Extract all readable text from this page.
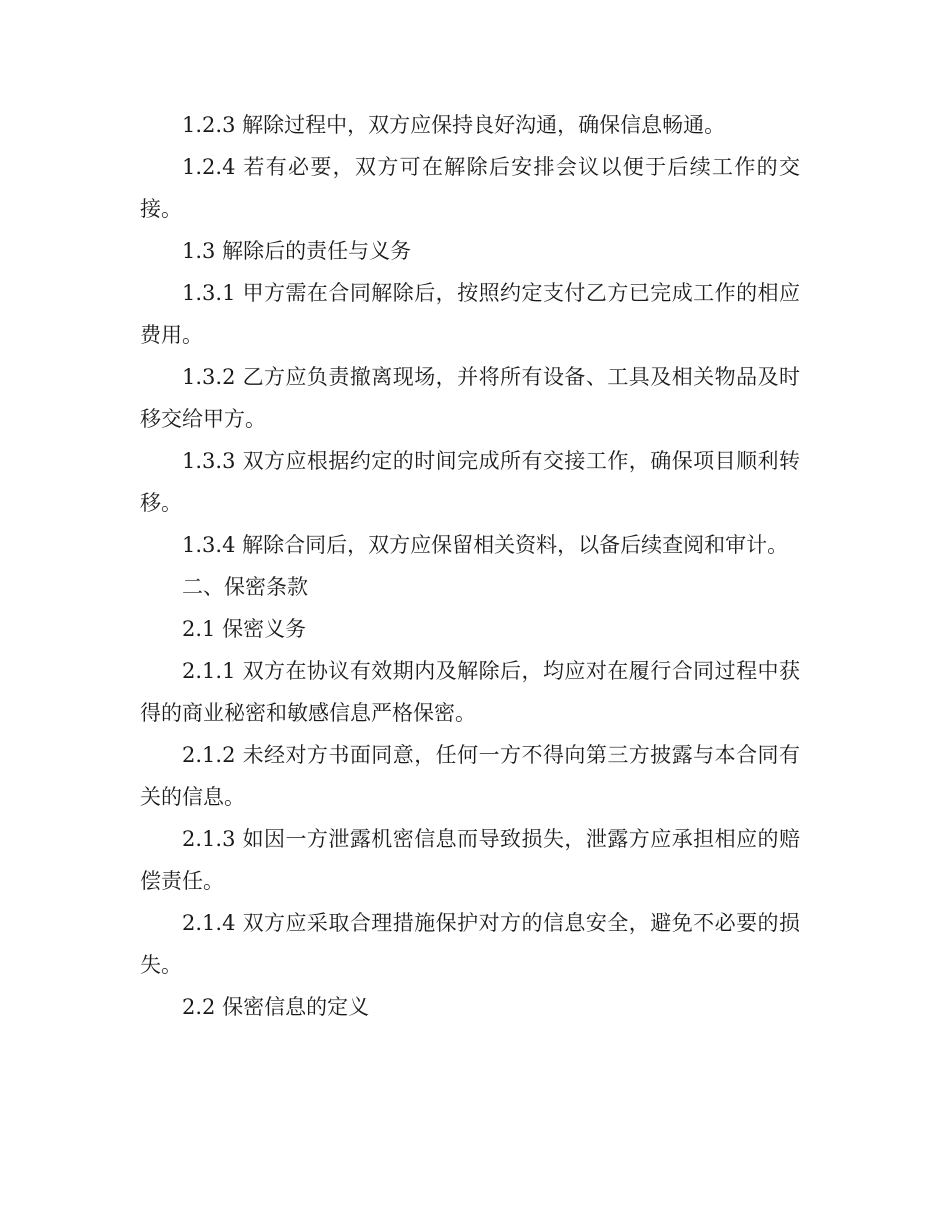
1.2.3 解除过程中，双方应保持良好沟通，确保信息畅通。

1.2.4 若有必要，双方可在解除后安排会议以便于后续工作的交接。

1.3 解除后的责任与义务

1.3.1 甲方需在合同解除后，按照约定支付乙方已完成工作的相应费用。

1.3.2 乙方应负责撤离现场，并将所有设备、工具及相关物品及时移交给甲方。

1.3.3 双方应根据约定的时间完成所有交接工作，确保项目顺利转移。

1.3.4 解除合同后，双方应保留相关资料，以备后续查阅和审计。

二、保密条款

2.1 保密义务

2.1.1 双方在协议有效期内及解除后，均应对在履行合同过程中获得的商业秘密和敏感信息严格保密。

2.1.2 未经对方书面同意，任何一方不得向第三方披露与本合同有关的信息。

2.1.3 如因一方泄露机密信息而导致损失，泄露方应承担相应的赔偿责任。

2.1.4 双方应采取合理措施保护对方的信息安全，避免不必要的损失。

2.2 保密信息的定义
